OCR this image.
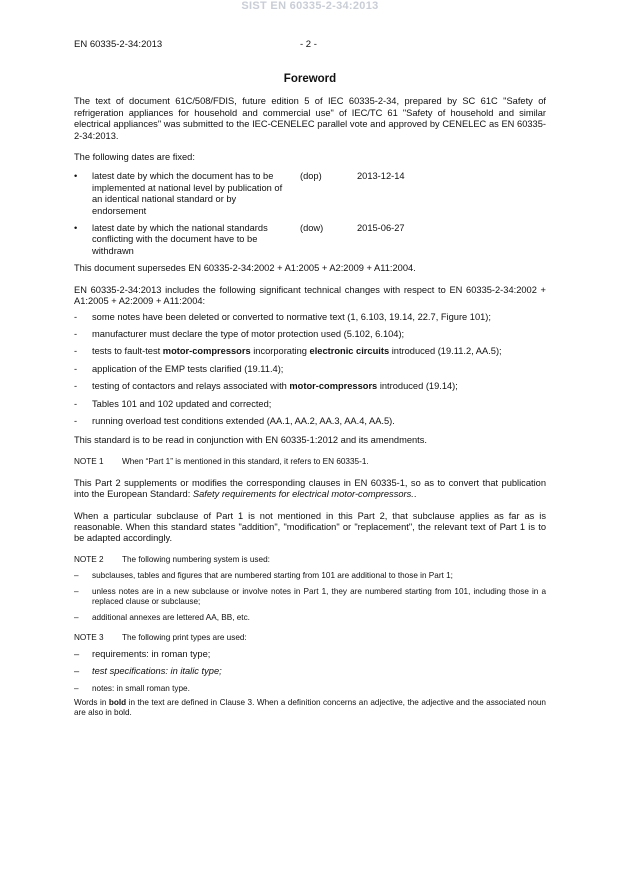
SIST EN 60335-2-34:2013
EN 60335-2-34:2013	- 2 -
Foreword

The text of document 61C/508/FDIS, future edition 5 of IEC 60335-2-34, prepared by SC 61C "Safety of refrigeration appliances for household and commercial use" of IEC/TC 61 "Safety of household and similar electrical appliances" was submitted to the IEC-CENELEC parallel vote and approved by CENELEC as EN 60335-2-34:2013.

The following dates are fixed:

•	latest date by which the document has to be implemented at national level by publication of an identical national standard or by endorsement
(dop)	2013-12-14
•	latest date by which the national standards conflicting with the document have to be withdrawn
(dow)	2015-06-27

This document supersedes EN 60335-2-34:2002 + A1:2005 + A2:2009 + A11:2004.

EN 60335-2-34:2013 includes the following significant technical changes with respect to EN 60335-2-34:2002 + A1:2005 + A2:2009 + A11:2004:

-	some notes have been deleted or converted to normative text (1, 6.103, 19.14, 22.7, Figure 101);
-	manufacturer must declare the type of motor protection used (5.102, 6.104);
-	tests to fault-test motor-compressors incorporating electronic circuits introduced (19.11.2, AA.5);
-	application of the EMP tests clarified (19.11.4);
-	testing of contactors and relays associated with motor-compressors introduced (19.14);
-	Tables 101 and 102 updated and corrected;
-	running overload test conditions extended (AA.1, AA.2, AA.3, AA.4, AA.5).

This standard is to be read in conjunction with EN 60335-1:2012 and its amendments.

NOTE 1 When “Part 1” is mentioned in this standard, it refers to EN 60335-1.

This Part 2 supplements or modifies the corresponding clauses in EN 60335-1, so as to convert that publication into the European Standard: Safety requirements for electrical motor-compressors..

When a particular subclause of Part 1 is not mentioned in this Part 2, that subclause applies as far as is reasonable. When this standard states "addition", "modification" or "replacement", the relevant text of Part 1 is to be adapted accordingly.

NOTE 2 The following numbering system is used:
–	subclauses, tables and figures that are numbered starting from 101 are additional to those in Part 1;
–	unless notes are in a new subclause or involve notes in Part 1, they are numbered starting from 101, including those in a replaced clause or subclause;
–	additional annexes are lettered AA, BB, etc.
NOTE 3 The following print types are used:
–	requirements: in roman type;
–	test specifications: in italic type;
–	notes: in small roman type.

Words in bold in the text are defined in Clause 3. When a definition concerns an adjective, the adjective and the associated noun are also in bold.
